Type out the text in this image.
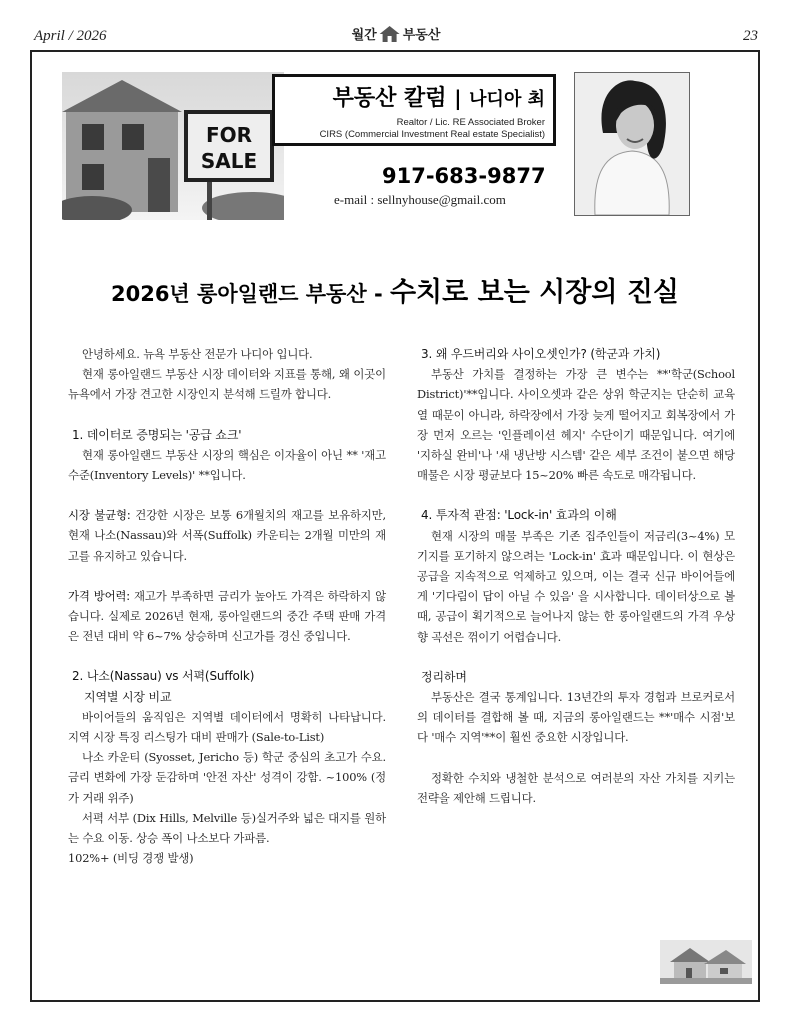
April / 2026	월간 부동산	23
FOR
SALE
부동산 칼럼 | 나디아 최
Realtor / Lic. RE Associated Broker
CIRS (Commercial Investment Real estate Specialist)
917-683-9877
e-mail : sellnyhouse@gmail.com
2026년 롱아일랜드 부동산 - 수치로 보는 시장의 진실

안녕하세요. 뉴욕 부동산 전문가 나디아 입니다.

현재 롱아일랜드 부동산 시장 데이터와 지표를 통해, 왜 이곳이 뉴욕에서 가장 견고한 시장인지 분석해 드릴까 합니다.

1. 데이터로 증명되는 '공급 쇼크'

현재 롱아일랜드 부동산 시장의 핵심은 이자율이 아닌 ** '재고 수준(Inventory Levels)' **입니다.

시장 불균형: 건강한 시장은 보통 6개월치의 재고를 보유하지만, 현재 나소(Nassau)와 서폭(Suffolk) 카운티는 2개월 미만의 재고를 유지하고 있습니다.

가격 방어력: 재고가 부족하면 금리가 높아도 가격은 하락하지 않습니다. 실제로 2026년 현재, 롱아일랜드의 중간 주택 판매 가격은 전년 대비 약 6~7% 상승하며 신고가를 경신 중입니다.

2. 나소(Nassau) vs 서펵(Suffolk)

지역별 시장 비교

바이어들의 움직임은 지역별 데이터에서 명확히 나타납니다. 지역 시장 특징 리스팅가 대비 판매가 (Sale-to-List)

나소 카운티 (Syosset, Jericho 등) 학군 중심의 초고가 수요. 금리 변화에 가장 둔감하며 '안전 자산' 성격이 강함. ~100% (정가 거래 위주)

서펵 서부 (Dix Hills, Melville 등)실거주와 넓은 대지를 원하는 수요 이동. 상승 폭이 나소보다 가파름.

102%+ (비딩 경쟁 발생)

3. 왜 우드버리와 사이오셋인가? (학군과 가치)

부동산 가치를 결정하는 가장 큰 변수는 **'학군(School District)'**입니다. 사이오셋과 같은 상위 학군지는 단순히 교육열 때문이 아니라, 하락장에서 가장 늦게 떨어지고 회복장에서 가장 먼저 오르는 '인플레이션 헤지' 수단이기 때문입니다. 여기에 '지하실 완비'나 '새 냉난방 시스템' 같은 세부 조건이 붙으면 해당 매물은 시장 평균보다 15~20% 빠른 속도로 매각됩니다.

4. 투자적 관점: 'Lock-in' 효과의 이해

현재 시장의 매물 부족은 기존 집주인들이 저금리(3~4%) 모기지를 포기하지 않으려는 'Lock-in' 효과 때문입니다. 이 현상은 공급을 지속적으로 억제하고 있으며, 이는 결국 신규 바이어들에게 '기다림이 답이 아닐 수 있음' 을 시사합니다. 데이터상으로 볼 때, 공급이 획기적으로 늘어나지 않는 한 롱아일랜드의 가격 우상향 곡선은 꺾이기 어렵습니다.

정리하며

부동산은 결국 통계입니다. 13년간의 투자 경험과 브로커로서의 데이터를 결합해 볼 때, 지금의 롱아일랜드는 **'매수 시점'보다 '매수 지역'**이 훨씬 중요한 시장입니다.

정확한 수치와 냉철한 분석으로 여러분의 자산 가치를 지키는 전략을 제안해 드립니다.
